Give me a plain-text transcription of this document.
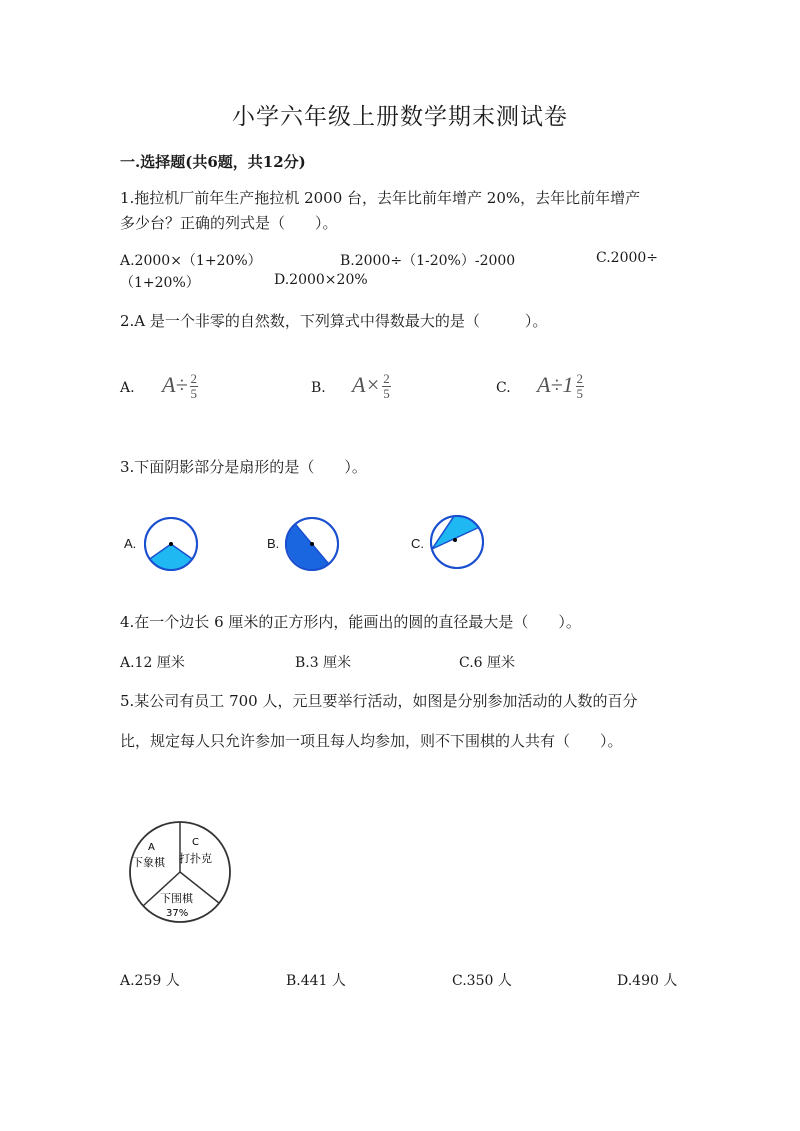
小学六年级上册数学期末测试卷
一.选择题(共6题，共12分)
1.拖拉机厂前年生产拖拉机 2000 台，去年比前年增产 20%，去年比前年增产
多少台？正确的列式是（　　）。
A.2000×（1+20%）	B.2000÷（1-20%）-2000	C.2000÷
（1+20%）	D.2000×20%
2.A 是一个非零的自然数，下列算式中得数最大的是（　　　）。
A. $A\div \frac{2}{5}$	B. $A\times \frac{2}{5}$	C. $A\div 1 \frac{2}{5}$
3.下面阴影部分是扇形的是（　　）。
A.	B.	C.
4.在一个边长 6 厘米的正方形内，能画出的圆的直径最大是（　　）。
A.12 厘米	B.3 厘米	C.6 厘米
5.某公司有员工 700 人，元旦要举行活动，如图是分别参加活动的人数的百分
比，规定每人只允许参加一项且每人均参加，则不下围棋的人共有（　　）。
A
下象棋
C
打扑克
下围棋
37%
A.259 人	B.441 人	C.350 人	D.490 人
